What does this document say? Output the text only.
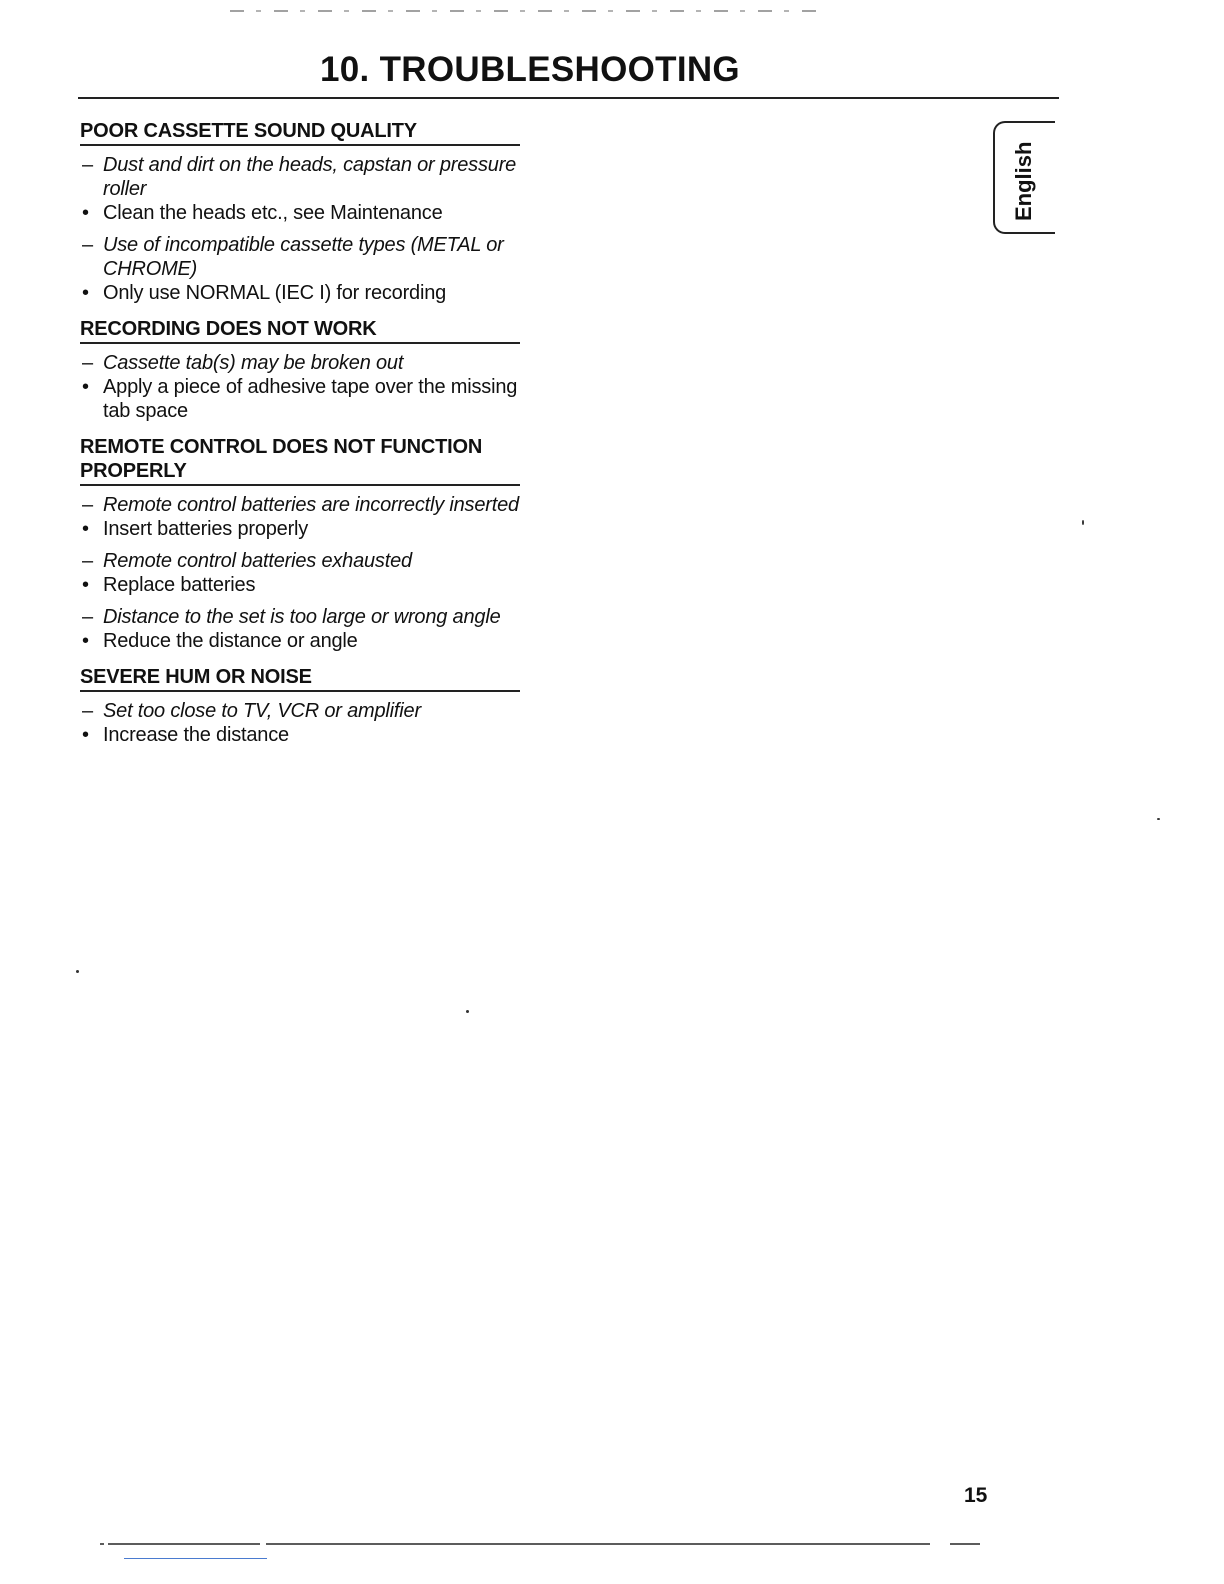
10. TROUBLESHOOTING
English
POOR CASSETTE SOUND QUALITY
– Dust and dirt on the heads, capstan or pressure roller
• Clean the heads etc., see Maintenance
– Use of incompatible cassette types (METAL or CHROME)
• Only use NORMAL (IEC I) for recording
RECORDING DOES NOT WORK
– Cassette tab(s) may be broken out
• Apply a piece of adhesive tape over the missing tab space
REMOTE CONTROL DOES NOT FUNCTION PROPERLY
– Remote control batteries are incorrectly inserted
• Insert batteries properly
– Remote control batteries exhausted
• Replace batteries
– Distance to the set is too large or wrong angle
• Reduce the distance or angle
SEVERE HUM OR NOISE
– Set too close to TV, VCR or amplifier
• Increase the distance
15
